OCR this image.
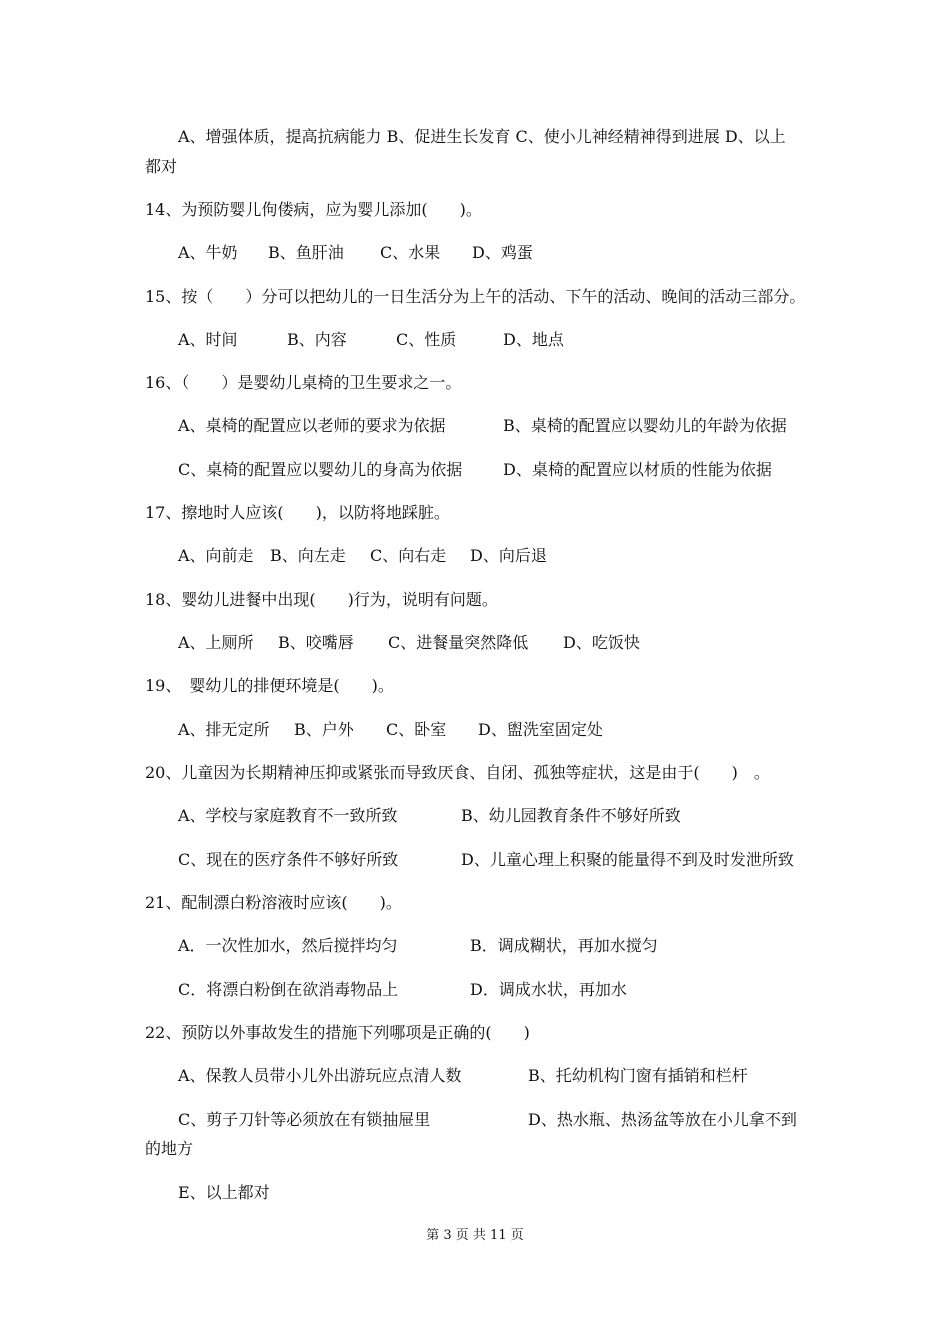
A、增强体质，提高抗病能力 B、促进生长发育 C、使小儿神经精神得到进展 D、以上
都对
14、为预防婴儿佝偻病，应为婴儿添加(　　)。
A、牛奶 B、鱼肝油 C、水果 D、鸡蛋
15、按（　　）分可以把幼儿的一日生活分为上午的活动、下午的活动、晚间的活动三部分。
A、时间	B、内容	C、性质	D、地点
16、（　　）是婴幼儿桌椅的卫生要求之一。
A、桌椅的配置应以老师的要求为依据	B、桌椅的配置应以婴幼儿的年龄为依据
C、桌椅的配置应以婴幼儿的身高为依据	D、桌椅的配置应以材质的性能为依据
17、擦地时人应该(　　)，以防将地踩脏。
A、向前走 B、向左走 C、向右走 D、向后退
18、婴幼儿进餐中出现(　　)行为，说明有问题。
A、上厕所 B、咬嘴唇 C、进餐量突然降低 D、吃饭快
19、　婴幼儿的排便环境是(　　)。
A、排无定所 B、户外 C、卧室 D、盥洗室固定处
20、儿童因为长期精神压抑或紧张而导致厌食、自闭、孤独等症状，这是由于(　　)　。
A、学校与家庭教育不一致所致	B、幼儿园教育条件不够好所致
C、现在的医疗条件不够好所致	D、儿童心理上积聚的能量得不到及时发泄所致
21、配制漂白粉溶液时应该(　　)。
A．一次性加水，然后搅拌均匀	B．调成糊状，再加水搅匀
C．将漂白粉倒在欲消毒物品上	D．调成水状，再加水
22、预防以外事故发生的措施下列哪项是正确的(　　)
A、保教人员带小儿外出游玩应点清人数	B、托幼机构门窗有插销和栏杆
C、剪子刀针等必须放在有锁抽屉里	D、热水瓶、热汤盆等放在小儿拿不到
的地方
E、以上都对
第 3 页 共 11 页
